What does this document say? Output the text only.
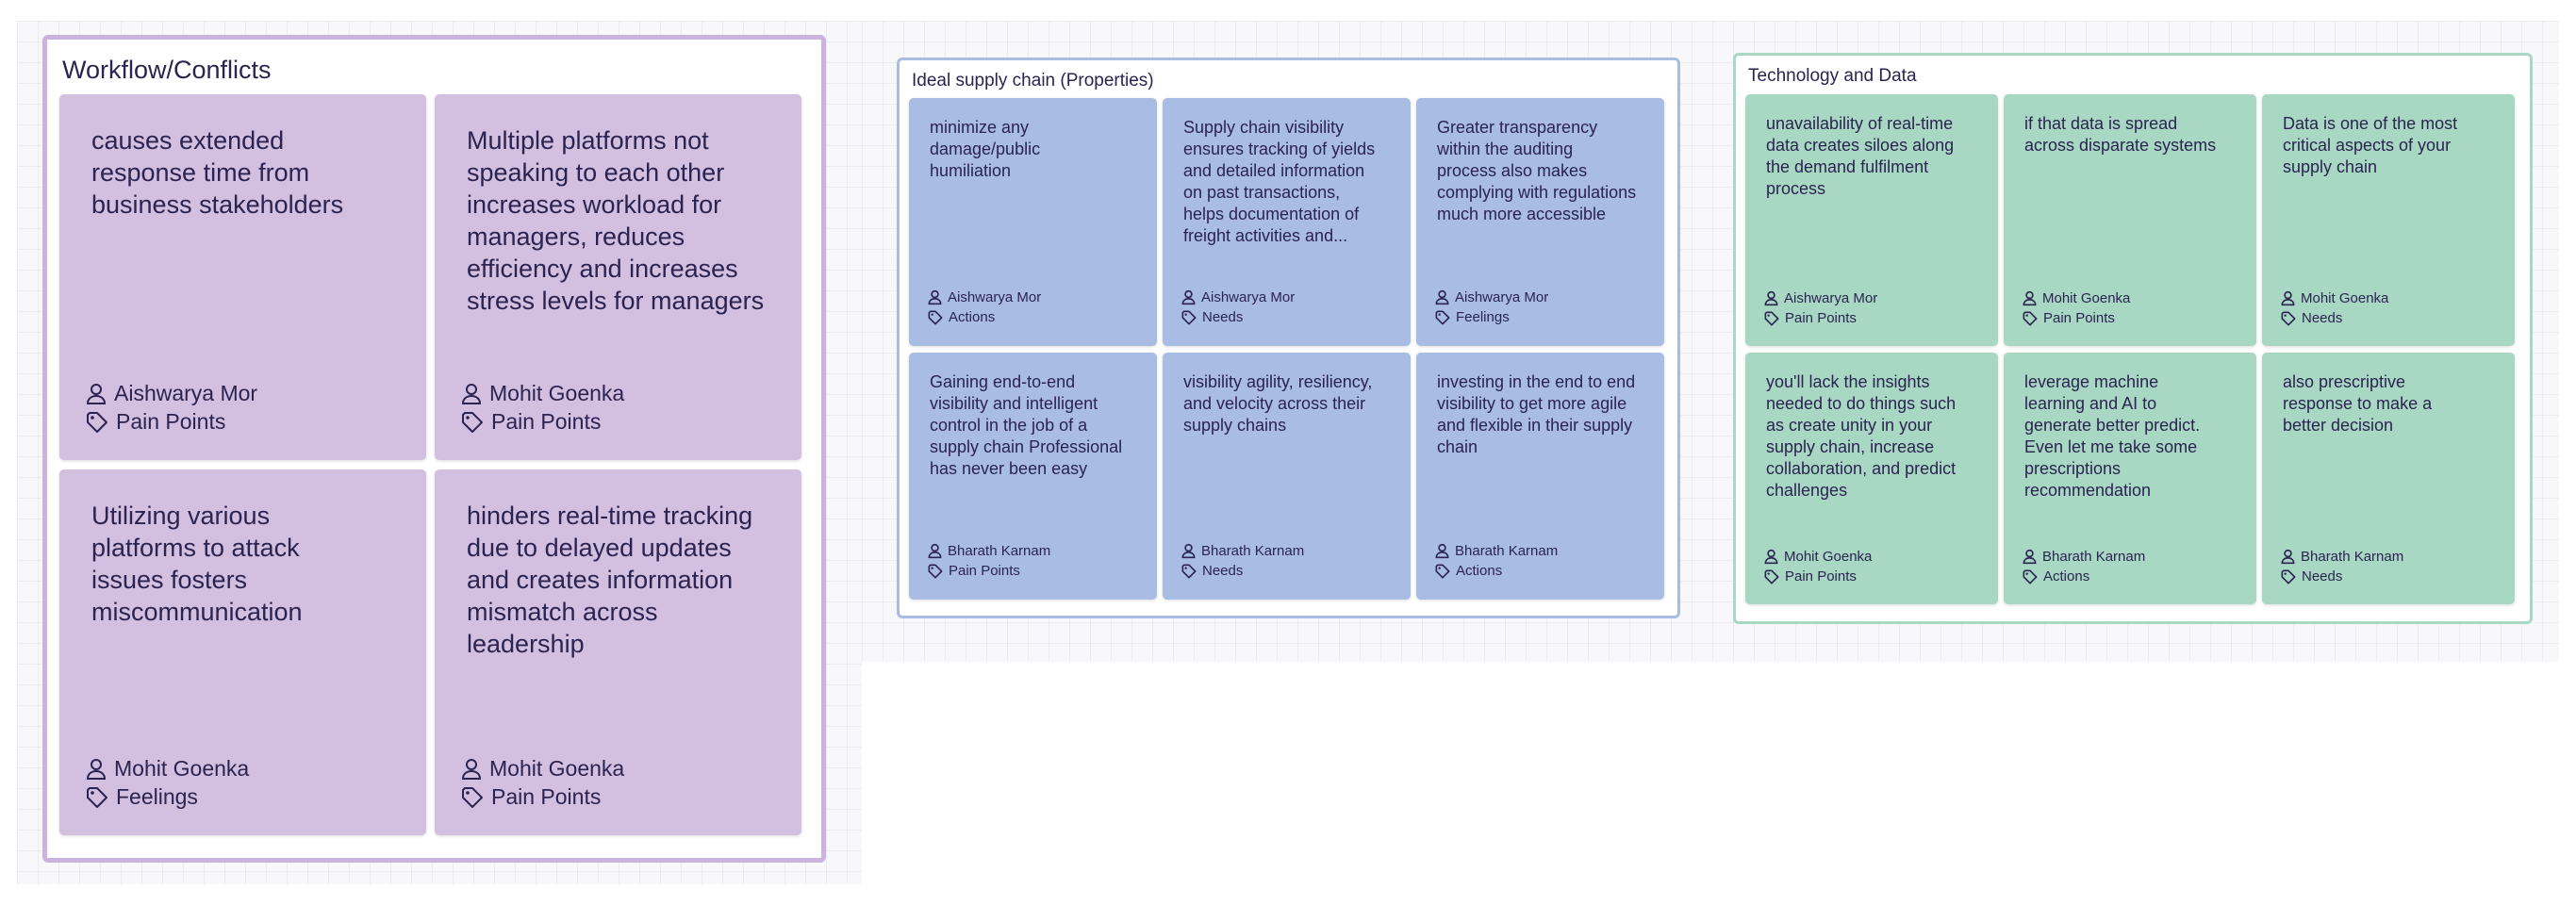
Workflow/Conflicts
causes extended response time from business stakeholders
Aishwarya Mor
Pain Points
Multiple platforms not speaking to each other increases workload for managers, reduces efficiency and increases stress levels for managers
Mohit Goenka
Pain Points
Utilizing various platforms to attack issues fosters miscommunication
Mohit Goenka
Feelings
hinders real-time tracking due to delayed updates and creates information mismatch across leadership
Mohit Goenka
Pain Points
Ideal supply chain (Properties)
minimize any damage/public humiliation
Aishwarya Mor
Actions
Supply chain visibility ensures tracking of yields and detailed information on past transactions, helps documentation of freight activities and...
Aishwarya Mor
Needs
Greater transparency within the auditing process also makes complying with regulations much more accessible
Aishwarya Mor
Feelings
Gaining end-to-end visibility and intelligent control in the job of a supply chain Professional has never been easy
Bharath Karnam
Pain Points
visibility agility, resiliency, and velocity across their supply chains
Bharath Karnam
Needs
investing in the end to end visibility to get more agile and flexible in their supply chain
Bharath Karnam
Actions
Technology and Data
unavailability of real-time data creates siloes along the demand fulfilment process
Aishwarya Mor
Pain Points
if that data is spread across disparate systems
Mohit Goenka
Pain Points
Data is one of the most critical aspects of your supply chain
Mohit Goenka
Needs
you'll lack the insights needed to do things such as create unity in your supply chain, increase collaboration, and predict challenges
Mohit Goenka
Pain Points
leverage machine learning and AI to generate better predict. Even let me take some prescriptions recommendation
Bharath Karnam
Actions
also prescriptive response to make a better decision
Bharath Karnam
Needs
